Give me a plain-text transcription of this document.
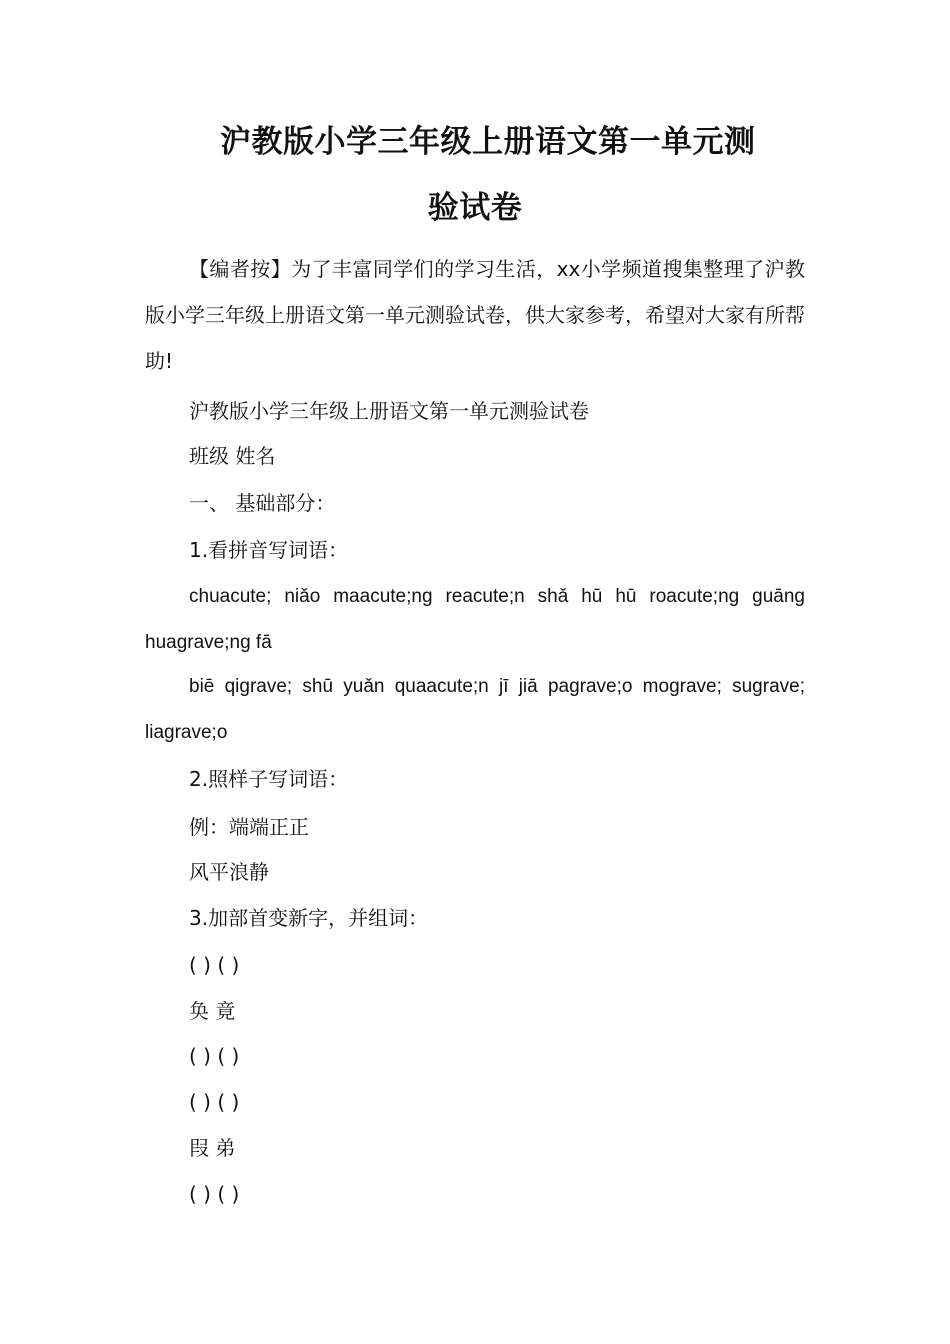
沪教版小学三年级上册语文第一单元测
验试卷

【编者按】为了丰富同学们的学习生活，xx小学频道搜集整理了沪教版小学三年级上册语文第一单元测验试卷，供大家参考，希望对大家有所帮助!

沪教版小学三年级上册语文第一单元测验试卷

班级 姓名

一、 基础部分：

1.看拼音写词语：

chuacute; niǎo maacute;ng reacute;n shǎ hū hū roacute;ng guāng huagrave;ng fā

biē qigrave; shū yuǎn quaacute;n jī jiā pagrave;o mograve; sugrave; liagrave;o

2.照样子写词语：

例：端端正正

风平浪静

3.加部首变新字，并组词：

( ) ( )

奂 竟

( ) ( )

( ) ( )

叚 弟

( ) ( )
